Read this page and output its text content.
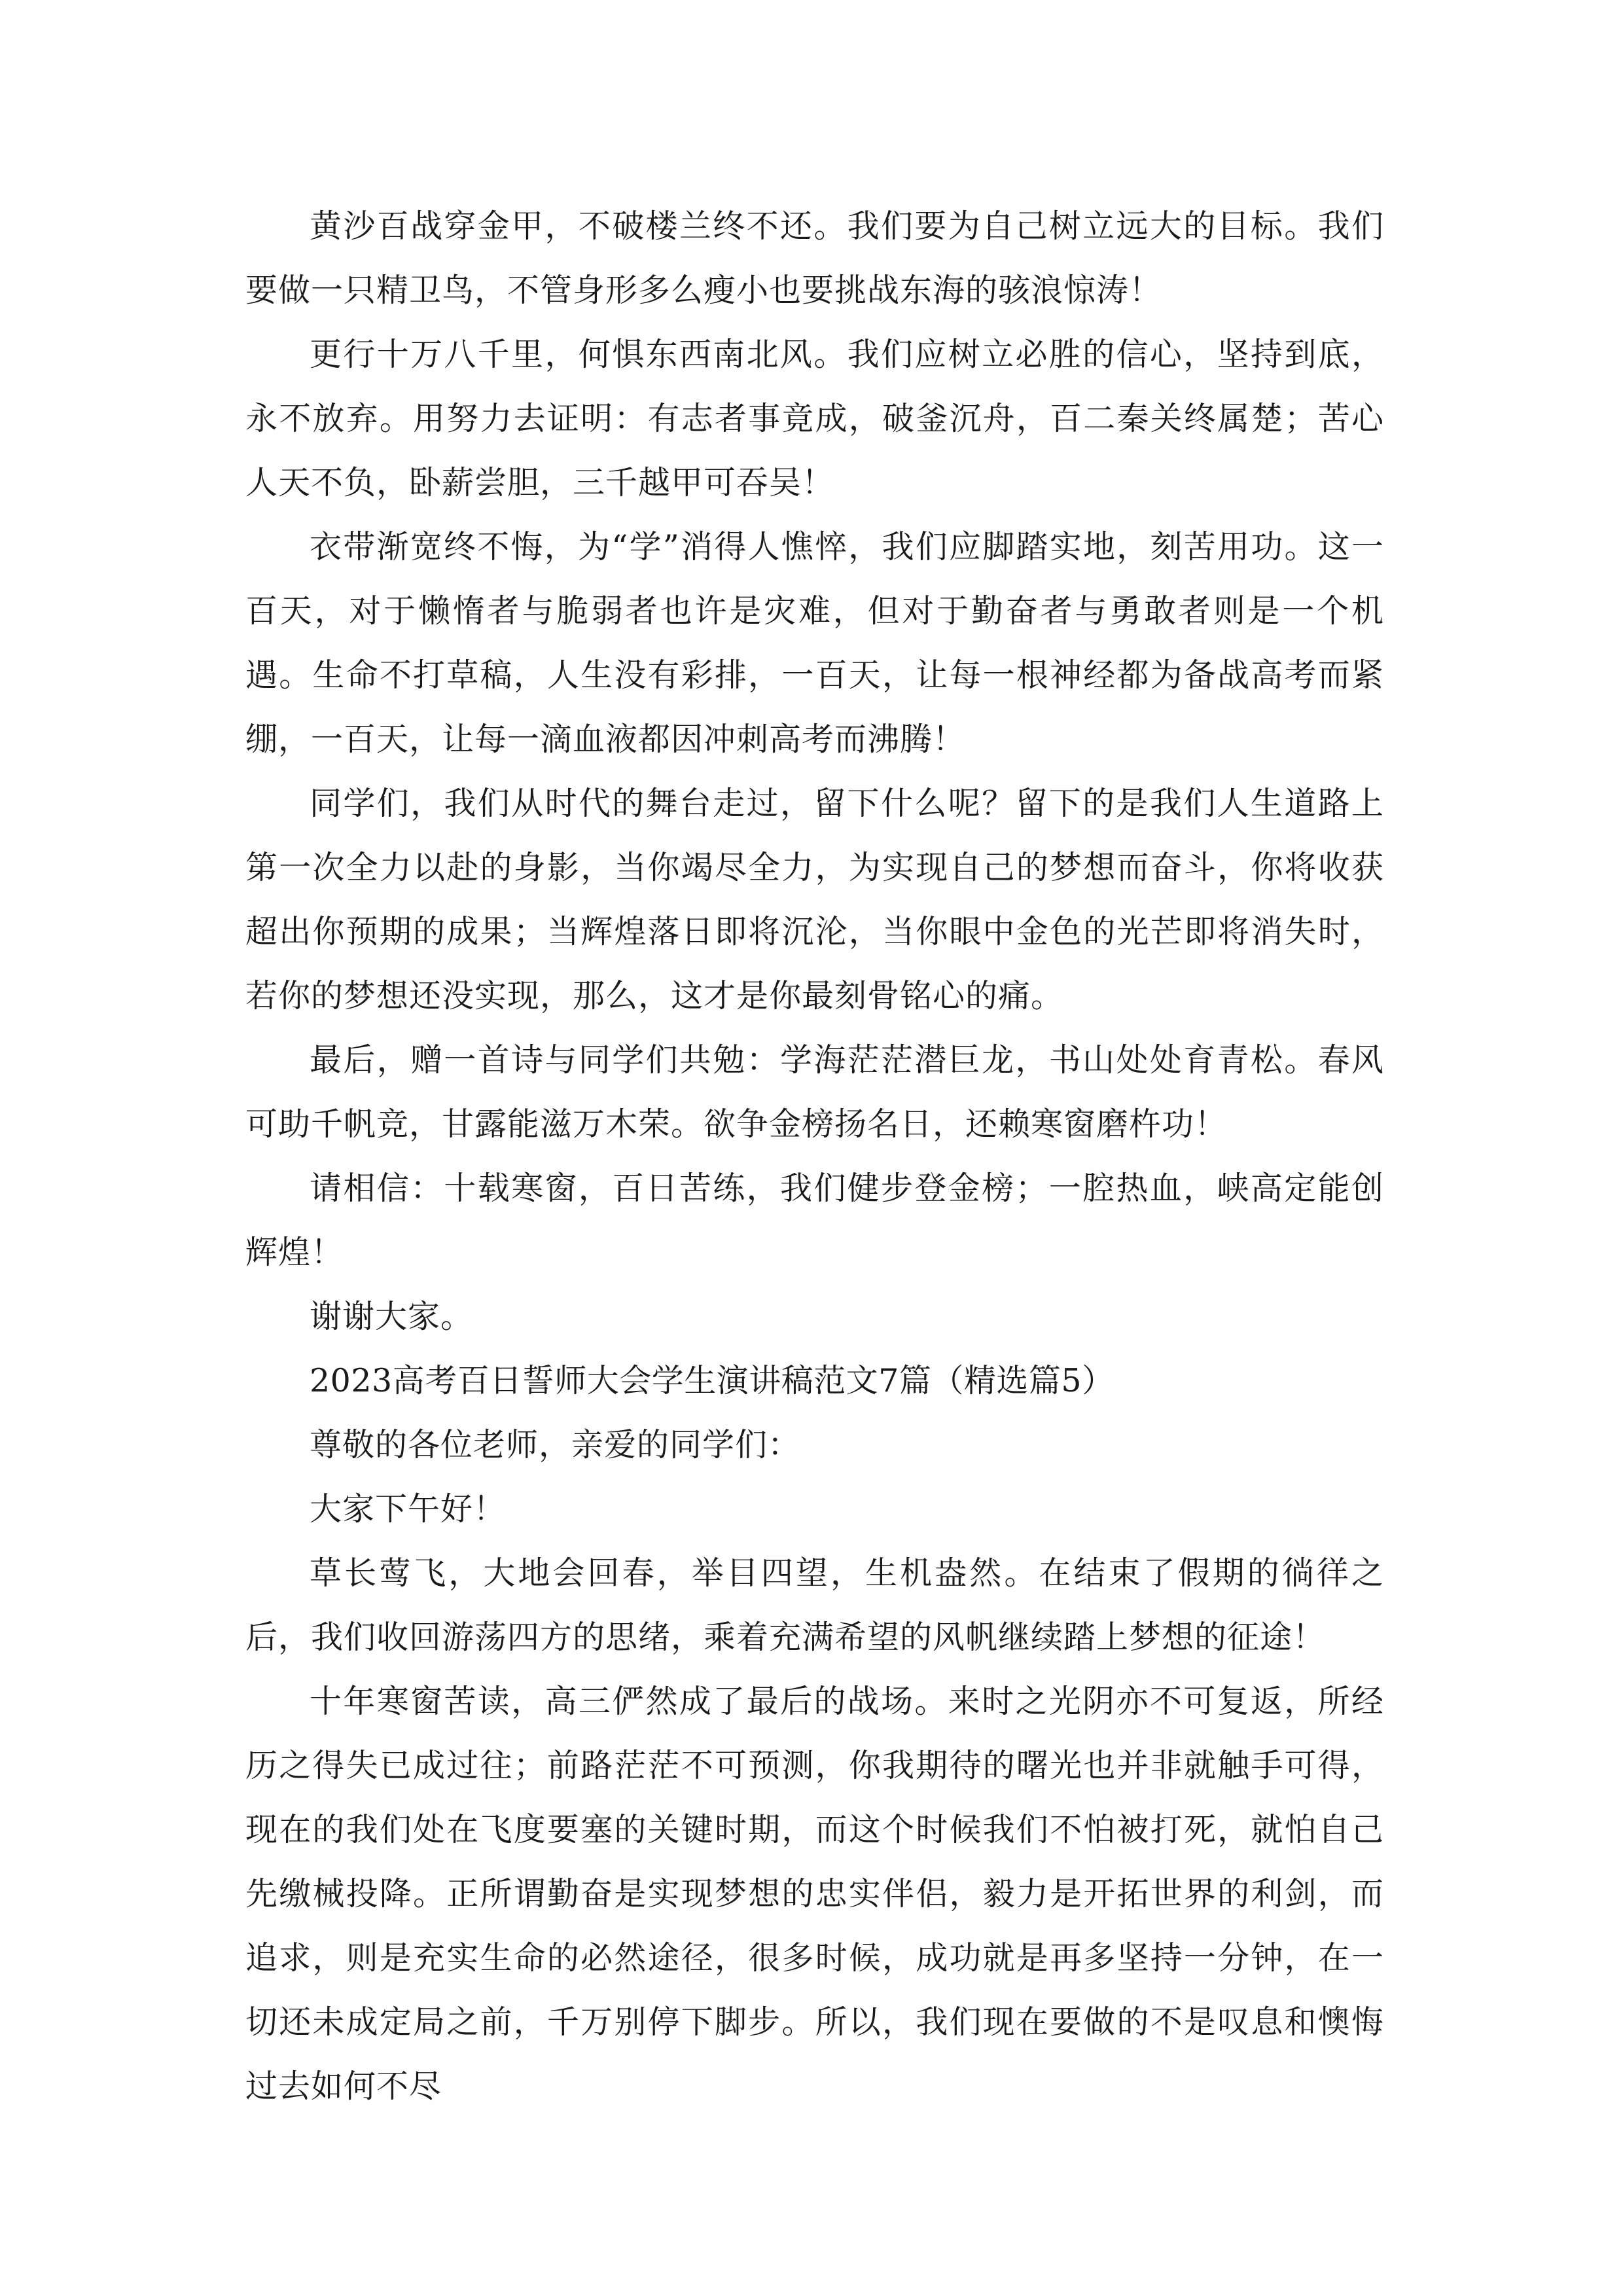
黄沙百战穿金甲，不破楼兰终不还。我们要为自己树立远大的目标。我们要做一只精卫鸟，不管身形多么瘦小也要挑战东海的骇浪惊涛！

更行十万八千里，何惧东西南北风。我们应树立必胜的信心，坚持到底，永不放弃。用努力去证明：有志者事竟成，破釜沉舟，百二秦关终属楚；苦心人天不负，卧薪尝胆，三千越甲可吞吴！

衣带渐宽终不悔，为“学”消得人憔悴，我们应脚踏实地，刻苦用功。这一百天，对于懒惰者与脆弱者也许是灾难，但对于勤奋者与勇敢者则是一个机遇。生命不打草稿，人生没有彩排，一百天，让每一根神经都为备战高考而紧绷，一百天，让每一滴血液都因冲刺高考而沸腾！

同学们，我们从时代的舞台走过，留下什么呢？留下的是我们人生道路上第一次全力以赴的身影，当你竭尽全力，为实现自己的梦想而奋斗，你将收获超出你预期的成果；当辉煌落日即将沉沦，当你眼中金色的光芒即将消失时，若你的梦想还没实现，那么，这才是你最刻骨铭心的痛。

最后，赠一首诗与同学们共勉：学海茫茫潜巨龙，书山处处育青松。春风可助千帆竞，甘露能滋万木荣。欲争金榜扬名日，还赖寒窗磨杵功！

请相信：十载寒窗，百日苦练，我们健步登金榜；一腔热血，峡高定能创辉煌！

谢谢大家。

2023高考百日誓师大会学生演讲稿范文7篇（精选篇5）

尊敬的各位老师，亲爱的同学们：

大家下午好！

草长莺飞，大地会回春，举目四望，生机盎然。在结束了假期的徜徉之后，我们收回游荡四方的思绪，乘着充满希望的风帆继续踏上梦想的征途！

十年寒窗苦读，高三俨然成了最后的战场。来时之光阴亦不可复返，所经历之得失已成过往；前路茫茫不可预测，你我期待的曙光也并非就触手可得，现在的我们处在飞度要塞的关键时期，而这个时候我们不怕被打死，就怕自己先缴械投降。正所谓勤奋是实现梦想的忠实伴侣，毅力是开拓世界的利剑，而追求，则是充实生命的必然途径，很多时候，成功就是再多坚持一分钟，在一切还未成定局之前，千万别停下脚步。所以，我们现在要做的不是叹息和懊悔过去如何不尽
